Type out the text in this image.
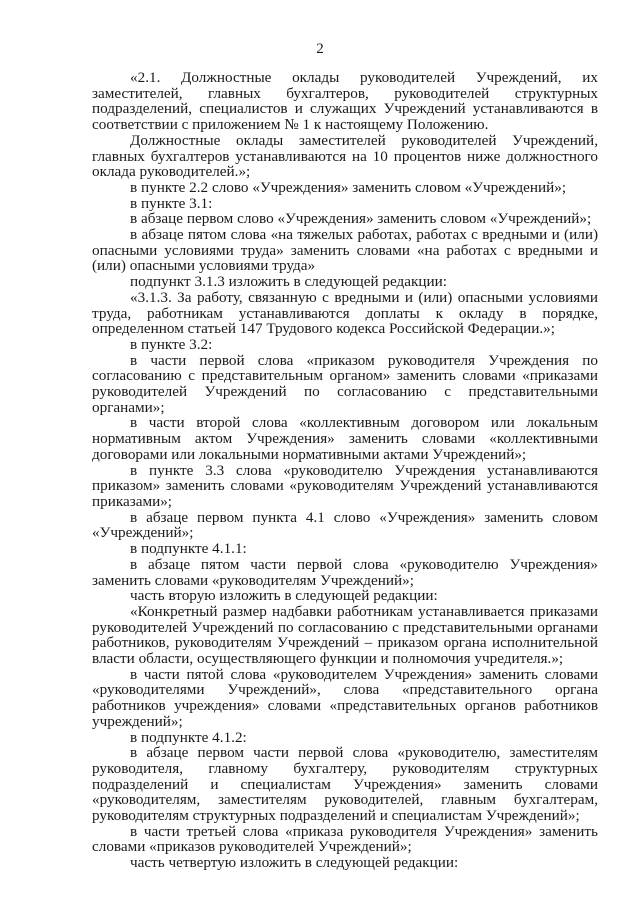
2

«2.1. Должностные оклады руководителей Учреждений, их заместителей, главных бухгалтеров, руководителей структурных подразделений, специалистов и служащих Учреждений устанавливаются в соответствии с приложением № 1 к настоящему Положению.

Должностные оклады заместителей руководителей Учреждений, главных бухгалтеров устанавливаются на 10 процентов ниже должностного оклада руководителей.»;

в пункте 2.2 слово «Учреждения» заменить словом «Учреждений»;

в пункте 3.1:

в абзаце первом слово «Учреждения» заменить словом «Учреждений»;

в абзаце пятом слова «на тяжелых работах, работах с вредными и (или) опасными условиями труда» заменить словами «на работах с вредными и (или) опасными условиями труда»

подпункт 3.1.3 изложить в следующей редакции:

«3.1.3. За работу, связанную с вредными и (или) опасными условиями труда, работникам устанавливаются доплаты к окладу в порядке, определенном статьей 147 Трудового кодекса Российской Федерации.»;

в пункте 3.2:

в части первой слова «приказом руководителя Учреждения по согласованию с представительным органом» заменить словами «приказами руководителей Учреждений по согласованию с представительными органами»;

в части второй слова «коллективным договором или локальным нормативным актом Учреждения» заменить словами «коллективными договорами или локальными нормативными актами Учреждений»;

в пункте 3.3 слова «руководителю Учреждения устанавливаются приказом» заменить словами «руководителям Учреждений устанавливаются приказами»;

в абзаце первом пункта 4.1 слово «Учреждения» заменить словом «Учреждений»;

в подпункте 4.1.1:

в абзаце пятом части первой слова «руководителю Учреждения» заменить словами «руководителям Учреждений»;

часть вторую изложить в следующей редакции:

«Конкретный размер надбавки работникам устанавливается приказами руководителей Учреждений по согласованию с представительными органами работников, руководителям Учреждений – приказом органа исполнительной власти области, осуществляющего функции и полномочия учредителя.»;

в части пятой слова «руководителем Учреждения» заменить словами «руководителями Учреждений», слова «представительного органа работников учреждения» словами «представительных органов работников учреждений»;

в подпункте 4.1.2:

в абзаце первом части первой слова «руководителю, заместителям руководителя, главному бухгалтеру, руководителям структурных подразделений и специалистам Учреждения» заменить словами «руководителям, заместителям руководителей, главным бухгалтерам, руководителям структурных подразделений и специалистам Учреждений»;

в части третьей слова «приказа руководителя Учреждения» заменить словами «приказов руководителей Учреждений»;

часть четвертую изложить в следующей редакции:
